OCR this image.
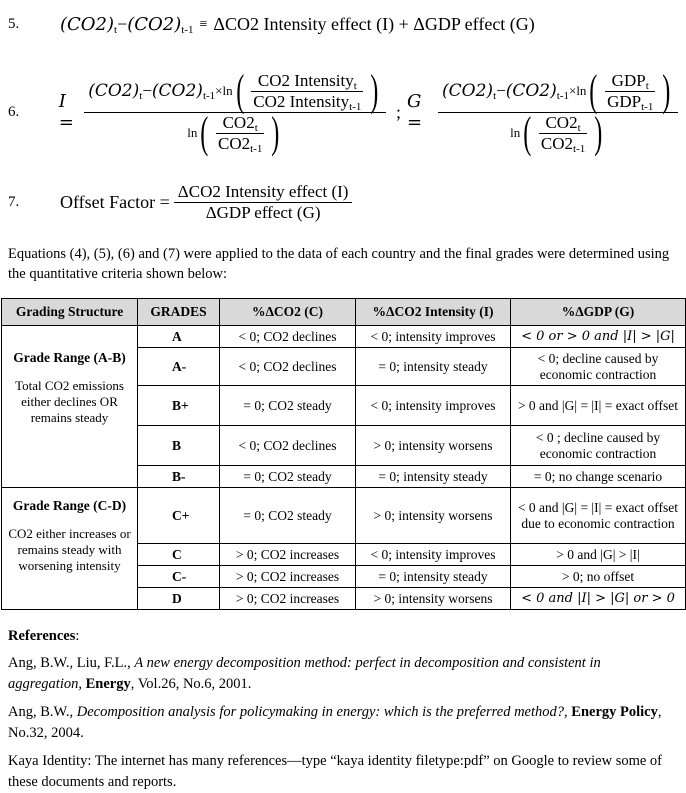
5.	(CO2) t − (CO2) t-1 ≡ ΔCO2 Intensity effect (I) + ΔGDP effect (G)
6.	I =
(CO2) t − (CO2) t-1 ×ln ( $\frac{\text{CO2 Intensity t}}{\text{CO2 Intensity t-1}}$ )
ln ( $\frac{CO2 t}{CO2 t-1}$ )	; G =
(CO2) t − (CO2) t-1 ×ln ( $\frac{\text{GDP t}}{\text{GDP t-1}}$ )
ln ( $\frac{CO2 t}{CO2 t-1}$ )
7.	Offset Factor = $\frac{\text{ΔCO2 Intensity effect (I)}}{\text{ΔGDP effect (G)}}$
Equations (4), (5), (6) and (7) were applied to the data of each country and the final grades were determined using the quantitative criteria shown below:
Grading Structure	GRADES	%ΔCO2 (C)	%ΔCO2 Intensity (I)	%ΔGDP (G)

Grade Range (A-B)
Total CO2 emissions either declines OR remains steady	A	< 0; CO2 declines	< 0; intensity improves	< 0 or > 0 and |I| > |G|
	A-	< 0; CO2 declines	= 0; intensity steady	< 0; decline caused by economic contraction
	B+	= 0; CO2 steady	< 0; intensity improves	> 0 and |G| = |I| = exact offset
	B	< 0; CO2 declines	> 0; intensity worsens	< 0 ; decline caused by economic contraction
	B-	= 0; CO2 steady	= 0; intensity steady	= 0; no change scenario

Grade Range (C-D)
CO2 either increases or remains steady with worsening intensity	C+	= 0; CO2 steady	> 0; intensity worsens	< 0 and |G| = |I| = exact offset due to economic contraction
	C	> 0; CO2 increases	< 0; intensity improves	> 0 and |G| > |I|
	C-	> 0; CO2 increases	= 0; intensity steady	> 0; no offset
	D	> 0; CO2 increases	> 0; intensity worsens	< 0 and |I| > |G| or > 0
References:
Ang, B.W., Liu, F.L., A new energy decomposition method: perfect in decomposition and consistent in aggregation, Energy, Vol.26, No.6, 2001.
Ang, B.W., Decomposition analysis for policymaking in energy: which is the preferred method?, Energy Policy, No.32, 2004.
Kaya Identity: The internet has many references—type “kaya identity filetype:pdf” on Google to review some of these documents and reports.
